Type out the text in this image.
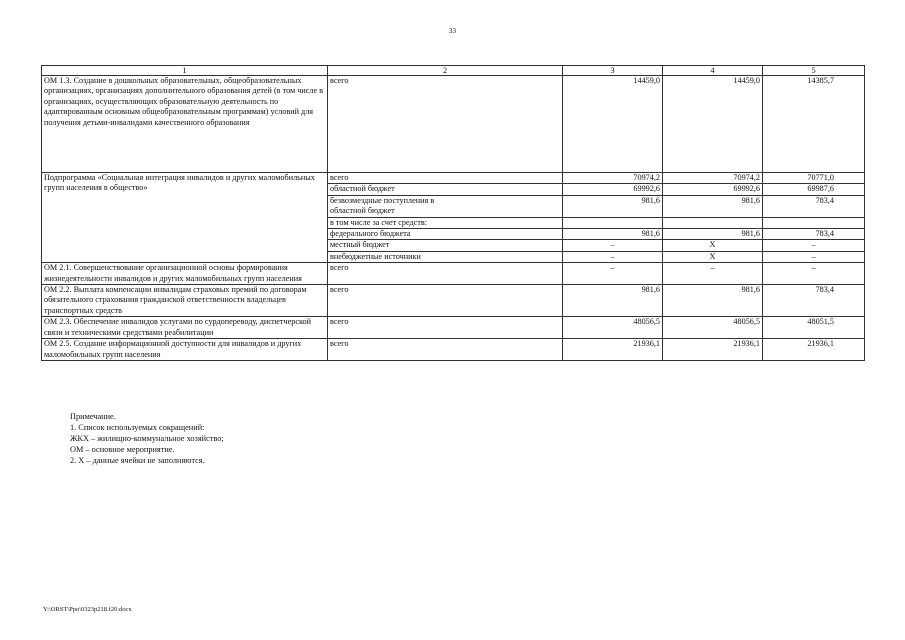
33
1	2	3	4	5
ОМ 1.3. Создание в дошкольных образовательных, общеобразовательных организациях, организациях дополнительного образования детей (в том числе в организациях, осуществляющих образовательную деятельность по адаптированным основным общеобразовательным программам) условий для получения детьми-инвалидами качественного образования	всего	14459,0	14459,0	14385,7
Подпрограмма «Социальная интеграция инвалидов и других маломобильных групп населения в общество»	всего	70974,2	70974,2	70771,0
	областной бюджет	69992,6	69992,6	69987,6
	безвозмездные поступления в областной бюджет	981,6	981,6	783,4
	в том числе за счет средств:			
	федерального бюджета	981,6	981,6	783,4
	местный бюджет	–	Х	–
	внебюджетные источники	–	Х	–
ОМ 2.1. Совершенствование организационной основы формирования жизнедеятельности инвалидов и других маломобильных групп населения	всего	–	–	–
ОМ 2.2. Выплата компенсации инвалидам страховых премий по договорам обязательного страхования гражданской ответственности владельцев транспортных средств	всего	981,6	981,6	783,4
ОМ 2.3. Обеспечение инвалидов услугами по сурдопереводу, диспетчерской связи и техническими средствами реабилитации	всего	48056,5	48056,5	48051,5
ОМ 2.5. Создание информационной доступности для инвалидов и других маломобильных групп населения	всего	21936,1	21936,1	21936,1
Примечание.
1. Список используемых сокращений:
ЖКХ – жилищно-коммунальное хозяйство;
ОМ – основное мероприятие.
2. Х – данные ячейки не заполняются.
Y:\ORST\Ppo\0323p218.f20.docx
